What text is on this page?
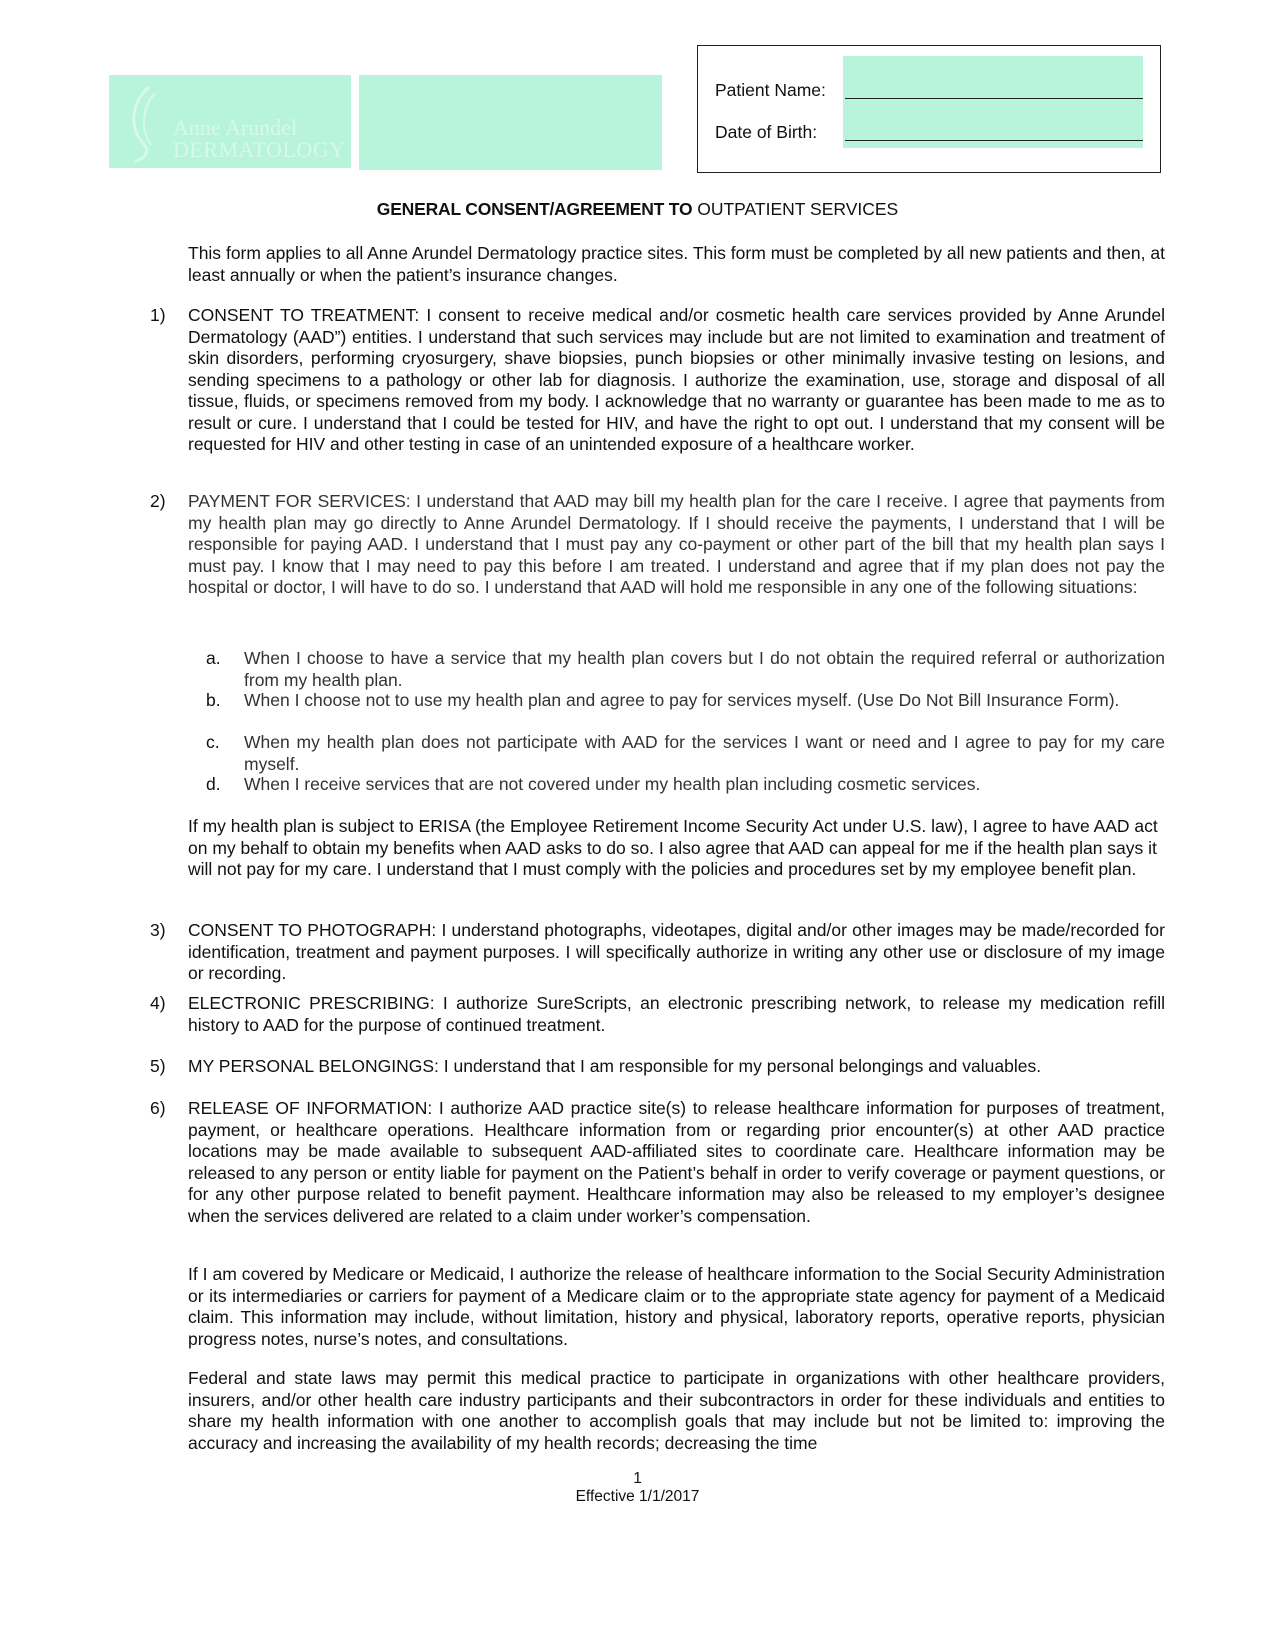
Anne Arundel
DERMATOLOGY
Patient Name:
Date of Birth:
GENERAL CONSENT/AGREEMENT TO OUTPATIENT SERVICES
This form applies to all Anne Arundel Dermatology practice sites. This form must be completed by all new patients and then, at least annually or when the patient’s insurance changes.
1) CONSENT TO TREATMENT: I consent to receive medical and/or cosmetic health care services provided by Anne Arundel Dermatology (AAD”) entities. I understand that such services may include but are not limited to examination and treatment of skin disorders, performing cryosurgery, shave biopsies, punch biopsies or other minimally invasive testing on lesions, and sending specimens to a pathology or other lab for diagnosis. I authorize the examination, use, storage and disposal of all tissue, fluids, or specimens removed from my body. I acknowledge that no warranty or guarantee has been made to me as to result or cure. I understand that I could be tested for HIV, and have the right to opt out. I understand that my consent will be requested for HIV and other testing in case of an unintended exposure of a healthcare worker.
2) PAYMENT FOR SERVICES: I understand that AAD may bill my health plan for the care I receive. I agree that payments from my health plan may go directly to Anne Arundel Dermatology. If I should receive the payments, I understand that I will be responsible for paying AAD. I understand that I must pay any co-payment or other part of the bill that my health plan says I must pay. I know that I may need to pay this before I am treated. I understand and agree that if my plan does not pay the hospital or doctor, I will have to do so. I understand that AAD will hold me responsible in any one of the following situations:
a. When I choose to have a service that my health plan covers but I do not obtain the required referral or authorization from my health plan.
b. When I choose not to use my health plan and agree to pay for services myself. (Use Do Not Bill Insurance Form).
c. When my health plan does not participate with AAD for the services I want or need and I agree to pay for my care myself.
d. When I receive services that are not covered under my health plan including cosmetic services.
If my health plan is subject to ERISA (the Employee Retirement Income Security Act under U.S. law), I agree to have AAD act on my behalf to obtain my benefits when AAD asks to do so. I also agree that AAD can appeal for me if the health plan says it will not pay for my care. I understand that I must comply with the policies and procedures set by my employee benefit plan.
3) CONSENT TO PHOTOGRAPH: I understand photographs, videotapes, digital and/or other images may be made/recorded for identification, treatment and payment purposes. I will specifically authorize in writing any other use or disclosure of my image or recording.
4) ELECTRONIC PRESCRIBING: I authorize SureScripts, an electronic prescribing network, to release my medication refill history to AAD for the purpose of continued treatment.
5) MY PERSONAL BELONGINGS: I understand that I am responsible for my personal belongings and valuables.
6) RELEASE OF INFORMATION: I authorize AAD practice site(s) to release healthcare information for purposes of treatment, payment, or healthcare operations. Healthcare information from or regarding prior encounter(s) at other AAD practice locations may be made available to subsequent AAD-affiliated sites to coordinate care. Healthcare information may be released to any person or entity liable for payment on the Patient’s behalf in order to verify coverage or payment questions, or for any other purpose related to benefit payment. Healthcare information may also be released to my employer’s designee when the services delivered are related to a claim under worker’s compensation.
If I am covered by Medicare or Medicaid, I authorize the release of healthcare information to the Social Security Administration or its intermediaries or carriers for payment of a Medicare claim or to the appropriate state agency for payment of a Medicaid claim. This information may include, without limitation, history and physical, laboratory reports, operative reports, physician progress notes, nurse’s notes, and consultations.
Federal and state laws may permit this medical practice to participate in organizations with other healthcare providers, insurers, and/or other health care industry participants and their subcontractors in order for these individuals and entities to share my health information with one another to accomplish goals that may include but not be limited to: improving the accuracy and increasing the availability of my health records; decreasing the time
1
Effective 1/1/2017
